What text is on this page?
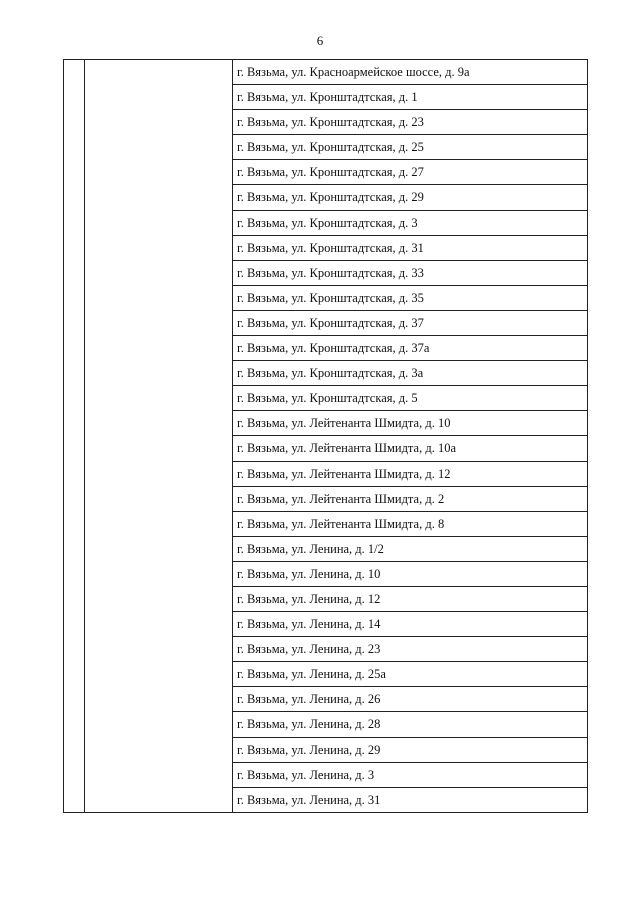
6
г. Вязьма, ул. Красноармейское шоссе, д. 9а
г. Вязьма, ул. Кронштадтская, д. 1
г. Вязьма, ул. Кронштадтская, д. 23
г. Вязьма, ул. Кронштадтская, д. 25
г. Вязьма, ул. Кронштадтская, д. 27
г. Вязьма, ул. Кронштадтская, д. 29
г. Вязьма, ул. Кронштадтская, д. 3
г. Вязьма, ул. Кронштадтская, д. 31
г. Вязьма, ул. Кронштадтская, д. 33
г. Вязьма, ул. Кронштадтская, д. 35
г. Вязьма, ул. Кронштадтская, д. 37
г. Вязьма, ул. Кронштадтская, д. 37а
г. Вязьма, ул. Кронштадтская, д. 3а
г. Вязьма, ул. Кронштадтская, д. 5
г. Вязьма, ул. Лейтенанта Шмидта, д. 10
г. Вязьма, ул. Лейтенанта Шмидта, д. 10а
г. Вязьма, ул. Лейтенанта Шмидта, д. 12
г. Вязьма, ул. Лейтенанта Шмидта, д. 2
г. Вязьма, ул. Лейтенанта Шмидта, д. 8
г. Вязьма, ул. Ленина, д. 1/2
г. Вязьма, ул. Ленина, д. 10
г. Вязьма, ул. Ленина, д. 12
г. Вязьма, ул. Ленина, д. 14
г. Вязьма, ул. Ленина, д. 23
г. Вязьма, ул. Ленина, д. 25а
г. Вязьма, ул. Ленина, д. 26
г. Вязьма, ул. Ленина, д. 28
г. Вязьма, ул. Ленина, д. 29
г. Вязьма, ул. Ленина, д. 3
г. Вязьма, ул. Ленина, д. 31
